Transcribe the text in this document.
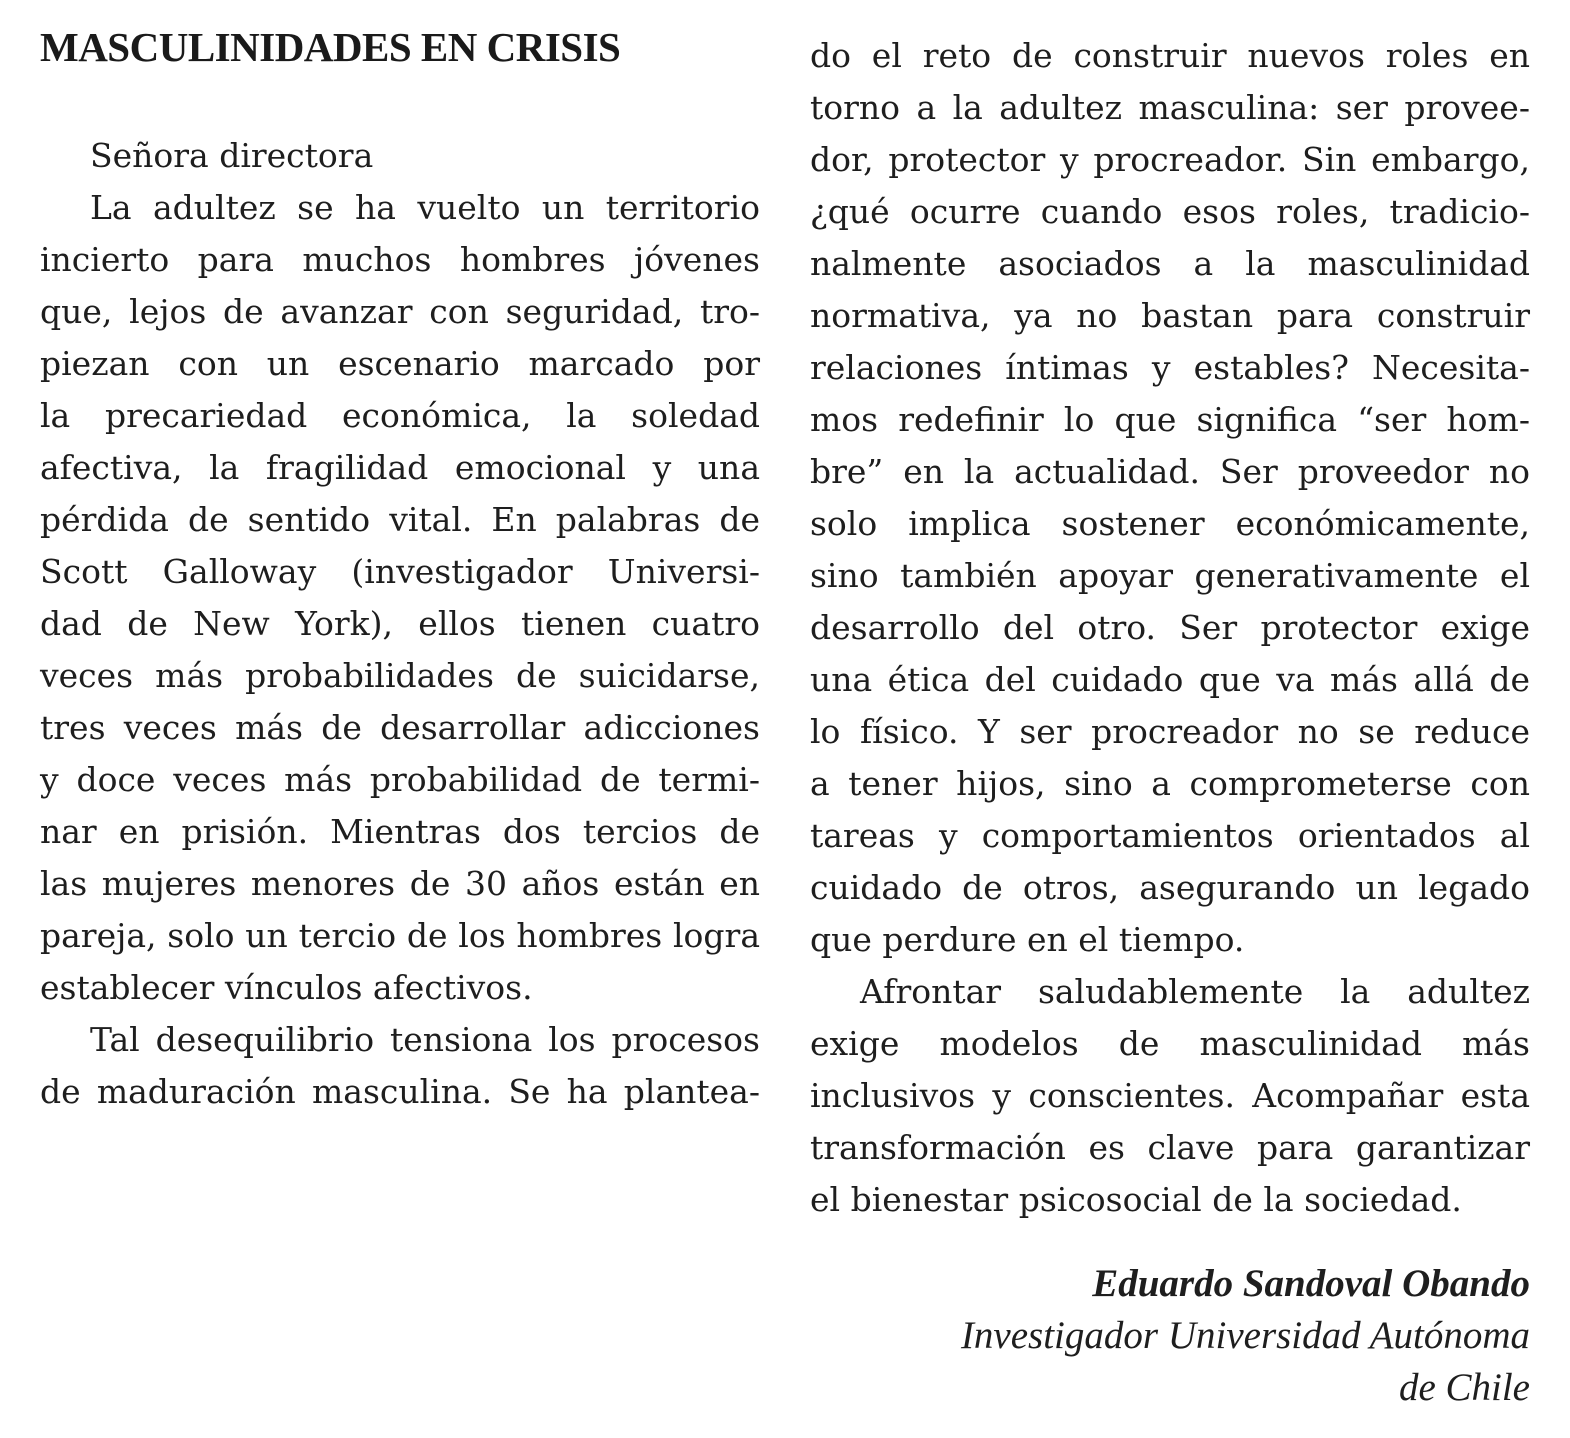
MASCULINIDADES EN CRISIS
Señora directora
La adultez se ha vuelto un territorio
incierto para muchos hombres jóvenes
que, lejos de avanzar con seguridad, tro-
piezan con un escenario marcado por
la precariedad económica, la soledad
afectiva, la fragilidad emocional y una
pérdida de sentido vital. En palabras de
Scott Galloway (investigador Universi-
dad de New York), ellos tienen cuatro
veces más probabilidades de suicidarse,
tres veces más de desarrollar adicciones
y doce veces más probabilidad de termi-
nar en prisión. Mientras dos tercios de
las mujeres menores de 30 años están en
pareja, solo un tercio de los hombres logra
establecer vínculos afectivos.
Tal desequilibrio tensiona los procesos
de maduración masculina. Se ha plantea-
do el reto de construir nuevos roles en
torno a la adultez masculina: ser provee-
dor, protector y procreador. Sin embargo,
¿qué ocurre cuando esos roles, tradicio-
nalmente asociados a la masculinidad
normativa, ya no bastan para construir
relaciones íntimas y estables? Necesita-
mos redefinir lo que significa “ser hom-
bre” en la actualidad. Ser proveedor no
solo implica sostener económicamente,
sino también apoyar generativamente el
desarrollo del otro. Ser protector exige
una ética del cuidado que va más allá de
lo físico. Y ser procreador no se reduce
a tener hijos, sino a comprometerse con
tareas y comportamientos orientados al
cuidado de otros, asegurando un legado
que perdure en el tiempo.
Afrontar saludablemente la adultez
exige modelos de masculinidad más
inclusivos y conscientes. Acompañar esta
transformación es clave para garantizar
el bienestar psicosocial de la sociedad.
Eduardo Sandoval Obando
Investigador Universidad Autónoma
de Chile
